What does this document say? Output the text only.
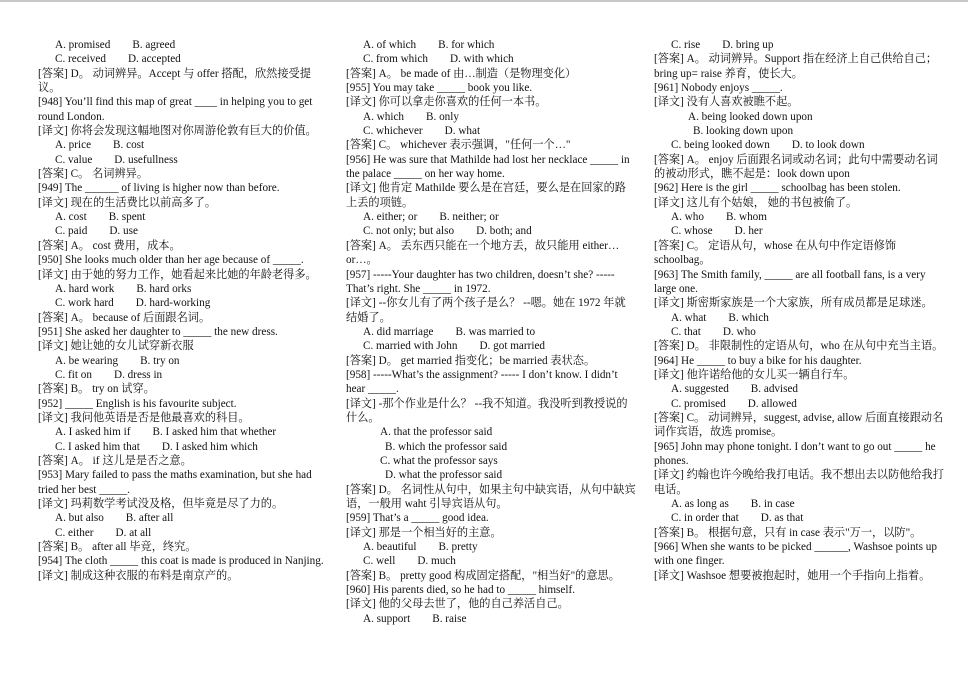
A. promised B. agreed
C. received D. accepted
[答案] D。 动词辨异。Accept 与 offer 搭配，欣然接受提议。
[948] You’ll find this map of great ____ in helping you to get round London.
[译文] 你将会发现这幅地图对你周游伦敦有巨大的价值。
A. price B. cost
C. value D. usefullness
[答案] C。 名词辨异。
[949] The ______ of living is higher now than before.
[译文] 现在的生活费比以前高多了。
A. cost B. spent
C. paid D. use
[答案] A。 cost 费用，成本。
[950] She looks much older than her age because of _____.
[译文] 由于她的努力工作，她看起来比她的年龄老得多。
A. hard work B. hard orks
C. work hard D. hard-working
[答案] A。 because of 后面跟名词。
[951] She asked her daughter to _____ the new dress.
[译文] 她让她的女儿试穿新衣服
A. be wearing B. try on
C. fit on D. dress in
[答案] B。 try on 试穿。
[952] _____ English is his favourite subject.
[译文] 我问他英语是否是他最喜欢的科目。
A. I asked him if B. I asked him that whether
C. I asked him that D. I asked him which
[答案] A。 if 这儿是是否之意。
[953] Mary failed to pass the maths examination, but she had tried her best _____.
[译文] 玛莉数学考试没及格，但毕竟是尽了力的。
A. but also B. after all
C. either D. at all
[答案] B。 after all 毕竞，终究。
[954] The cloth _____ this coat is made is produced in Nanjing.
[译文] 制成这种衣服的布料是南京产的。
A. of which B. for which
C. from which D. with which
[答案] A。 be made of 由…制造（是物理变化）
[955] You may take _____ book you like.
[译文] 你可以拿走你喜欢的任何一本书。
A. which B. only
C. whichever D. what
[答案] C。 whichever 表示强调，"任何一个…"
[956] He was sure that Mathilde had lost her necklace _____ in the palace _____ on her way home.
[译文] 他肯定 Mathilde 要么是在宫廷，要么是在回家的路上丢的项链。
A. either; or B. neither; or
C. not only; but also D. both; and
[答案] A。 丢东西只能在一个地方丢，故只能用 either…or…。
[957] -----Your daughter has two children, doesn’t she? -----That’s right. She _____ in 1972.
[译文] --你女儿有了两个孩子是么？ --嗯。她在 1972 年就结婚了。
A. did marriage B. was married to
C. married with John D. got married
[答案] D。 get married 指变化；be married 表状态。
[958] -----What’s the assignment? ----- I don’t know. I didn’t hear _____.
[译文] -那个作业是什么？ --我不知道。我没听到教授说的什么。
A. that the professor said B. which the professor said
C. what the professor says D. what the professor said
[答案] D。 名词性从句中，如果主句中缺宾语，从句中缺宾语，一般用 waht 引导宾语从句。
[959] That’s a _____ good idea.
[译文] 那是一个相当好的主意。
A. beautiful B. pretty
C. well D. much
[答案] B。 pretty good 构成固定搭配，"相当好"的意思。
[960] His parents died, so he had to _____ himself.
[译文] 他的父母去世了，他的自己养活自己。
A. support B. raise
C. rise D. bring up
[答案] A。 动词辨异。Support 指在经济上自己供给自己；bring up= raise 养育，使长大。
[961] Nobody enjoys _____.
[译文] 没有人喜欢被瞧不起。
A. being looked down upon B. looking down upon
C. being looked down D. to look down
[答案] A。 enjoy 后面跟名词或动名词；此句中需要动名词的被动形式，瞧不起是：look down upon
[962] Here is the girl _____ schoolbag has been stolen.
[译文] 这儿有个姑娘， 她的书包被偷了。
A. who B. whom
C. whose D. her
[答案] C。 定语从句，whose 在从句中作定语修饰 schoolbag。
[963] The Smith family, _____ are all football fans, is a very large one.
[译文] 斯密斯家族是一个大家族，所有成员都是足球迷。
A. what B. which
C. that D. who
[答案] D。 非限制性的定语从句，who 在从句中充当主语。
[964] He _____ to buy a bike for his daughter.
[译文] 他许诺给他的女儿买一辆自行车。
A. suggested B. advised
C. promised D. allowed
[答案] C。 动词辨异，suggest, advise, allow 后面直接跟动名词作宾语，故选 promise。
[965] John may phone tonight. I don’t want to go out _____ he phones.
[译文] 约翰也许今晚给我打电话。我不想出去以防他给我打电话。
A. as long as B. in case
C. in order that D. as that
[答案] B。 根据句意，只有 in case 表示"万一，以防"。
[966] When she wants to be picked ______, Washsoe points up with one finger.
[译文] Washsoe 想要被抱起时，她用一个手指向上指着。
